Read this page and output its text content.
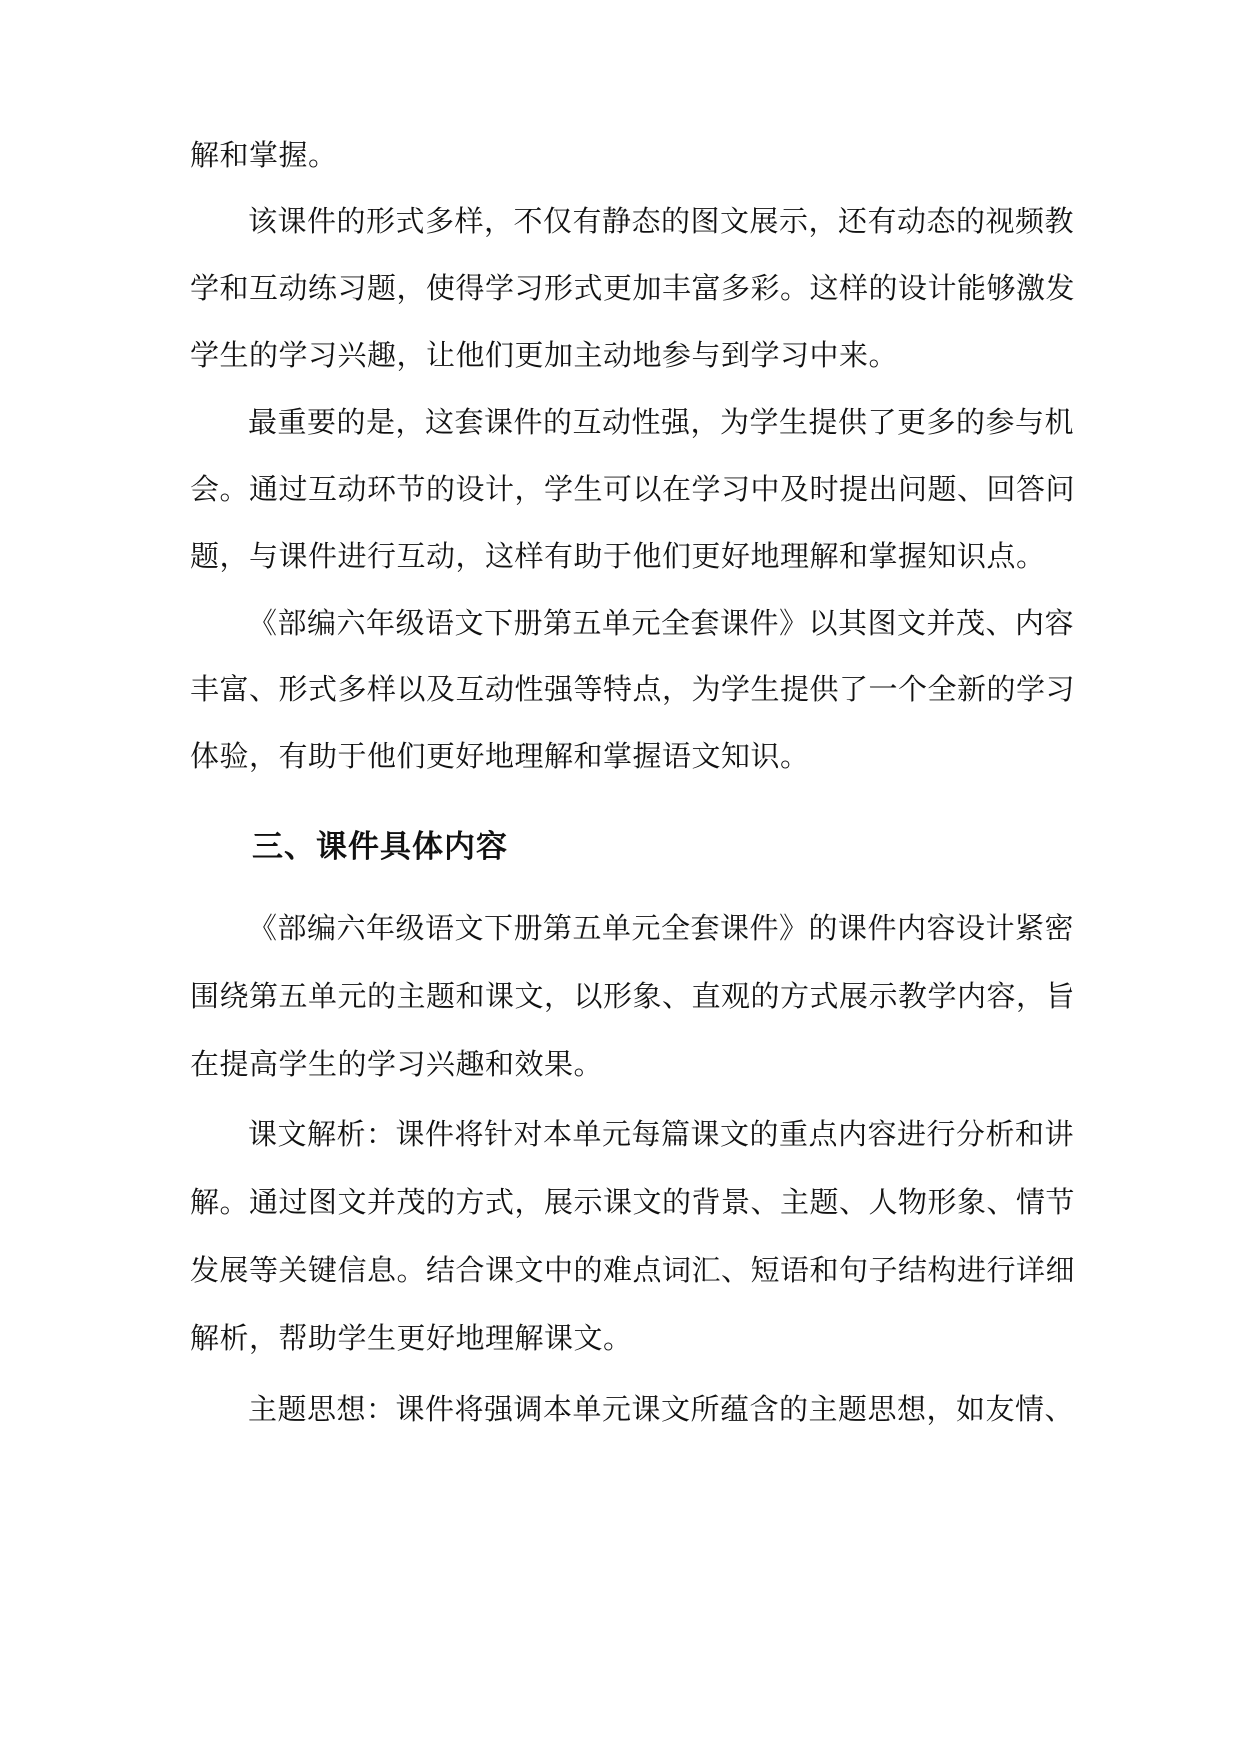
解和掌握。

该课件的形式多样，不仅有静态的图文展示，还有动态的视频教

学和互动练习题，使得学习形式更加丰富多彩。这样的设计能够激发

学生的学习兴趣，让他们更加主动地参与到学习中来。

最重要的是，这套课件的互动性强，为学生提供了更多的参与机

会。通过互动环节的设计，学生可以在学习中及时提出问题、回答问

题，与课件进行互动，这样有助于他们更好地理解和掌握知识点。

《部编六年级语文下册第五单元全套课件》以其图文并茂、内容

丰富、形式多样以及互动性强等特点，为学生提供了一个全新的学习

体验，有助于他们更好地理解和掌握语文知识。

三、课件具体内容

《部编六年级语文下册第五单元全套课件》的课件内容设计紧密

围绕第五单元的主题和课文，以形象、直观的方式展示教学内容，旨

在提高学生的学习兴趣和效果。

课文解析：课件将针对本单元每篇课文的重点内容进行分析和讲

解。通过图文并茂的方式，展示课文的背景、主题、人物形象、情节

发展等关键信息。结合课文中的难点词汇、短语和句子结构进行详细

解析，帮助学生更好地理解课文。

主题思想：课件将强调本单元课文所蕴含的主题思想，如友情、
